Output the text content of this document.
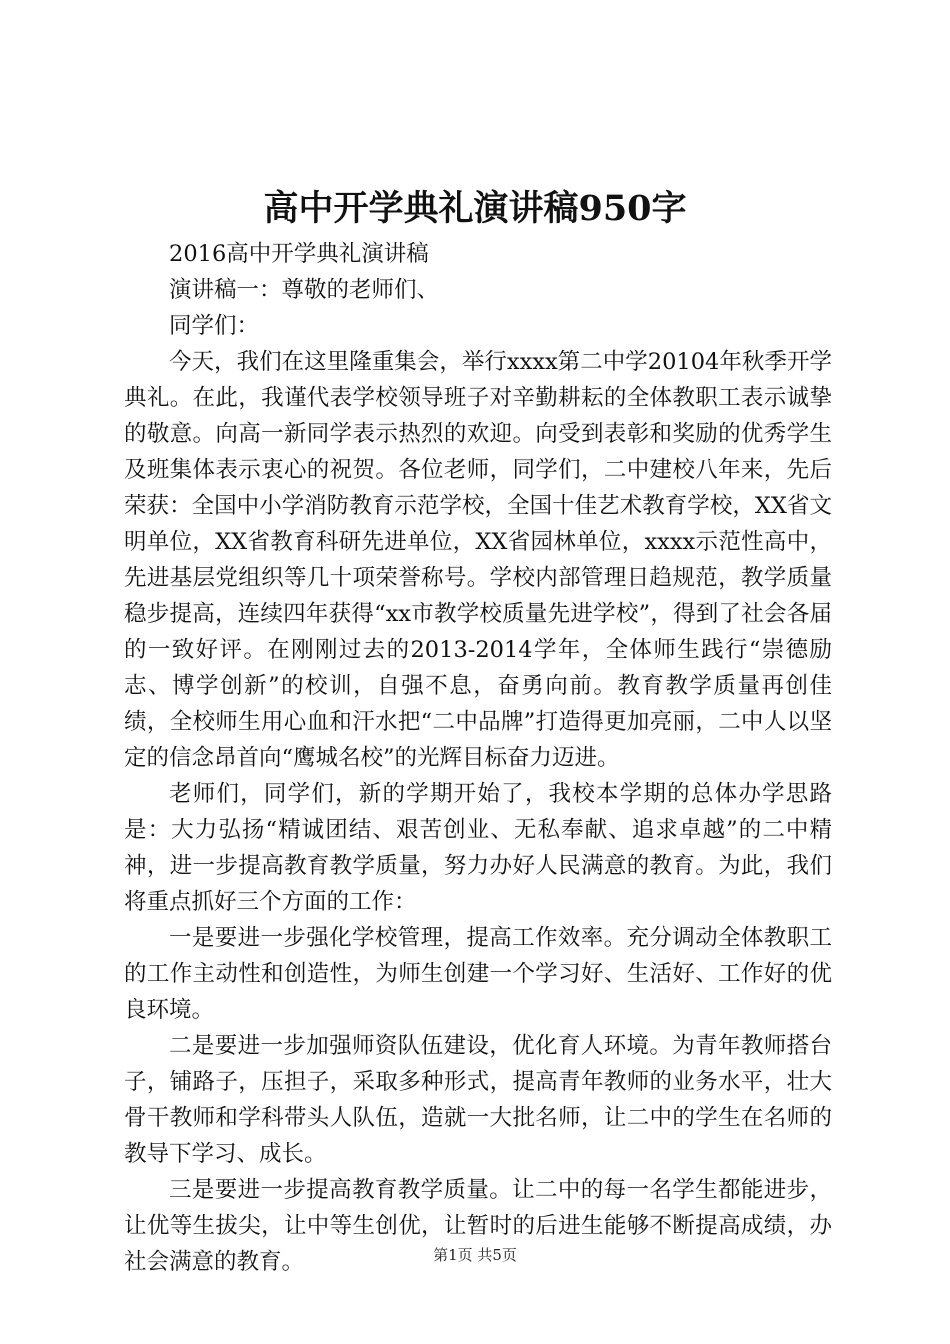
高中开学典礼演讲稿950字

2016高中开学典礼演讲稿

演讲稿一：尊敬的老师们、

同学们：

今天，我们在这里隆重集会，举行xxxx第二中学20104年秋季开学典礼。在此，我谨代表学校领导班子对辛勤耕耘的全体教职工表示诚挚的敬意。向高一新同学表示热烈的欢迎。向受到表彰和奖励的优秀学生及班集体表示衷心的祝贺。各位老师，同学们，二中建校八年来，先后荣获：全国中小学消防教育示范学校，全国十佳艺术教育学校，XX省文明单位，XX省教育科研先进单位，XX省园林单位，xxxx示范性高中，先进基层党组织等几十项荣誉称号。学校内部管理日趋规范，教学质量稳步提高，连续四年获得“xx市教学校质量先进学校”，得到了社会各届的一致好评。在刚刚过去的2013-2014学年，全体师生践行“崇德励志、博学创新”的校训，自强不息，奋勇向前。教育教学质量再创佳绩，全校师生用心血和汗水把“二中品牌”打造得更加亮丽，二中人以坚定的信念昂首向“鹰城名校”的光辉目标奋力迈进。

老师们，同学们，新的学期开始了，我校本学期的总体办学思路是：大力弘扬“精诚团结、艰苦创业、无私奉献、追求卓越”的二中精神，进一步提高教育教学质量，努力办好人民满意的教育。为此，我们将重点抓好三个方面的工作：

一是要进一步强化学校管理，提高工作效率。充分调动全体教职工的工作主动性和创造性，为师生创建一个学习好、生活好、工作好的优良环境。

二是要进一步加强师资队伍建设，优化育人环境。为青年教师搭台子，铺路子，压担子，采取多种形式，提高青年教师的业务水平，壮大骨干教师和学科带头人队伍，造就一大批名师，让二中的学生在名师的教导下学习、成长。

三是要进一步提高教育教学质量。让二中的每一名学生都能进步，让优等生拔尖，让中等生创优，让暂时的后进生能够不断提高成绩，办社会满意的教育。	第1页 共5页
